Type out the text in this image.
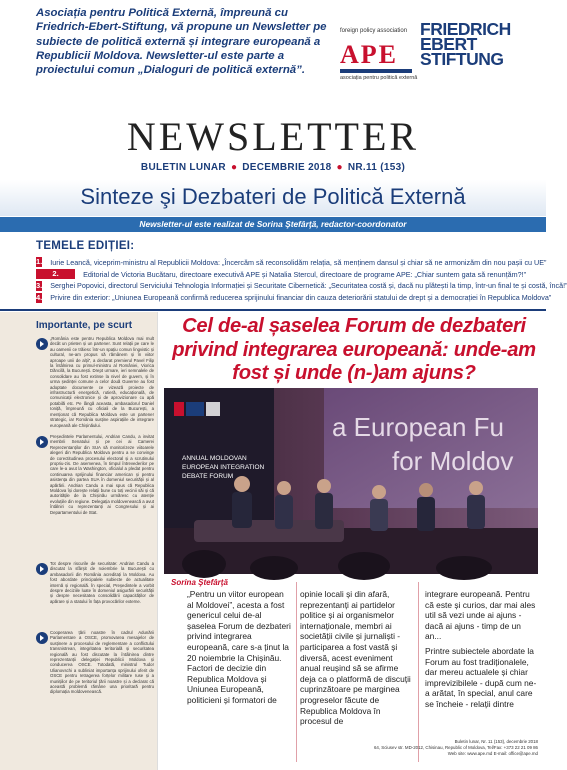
Asociația pentru Politică Externă, împreună cu Friedrich-Ebert-Stiftung, vă propune un Newsletter pe subiecte de politică externă și integrare europeană a Republicii Moldova. Newsletter-ul este parte a proiectului comun „Dialoguri de politică externă”.
foreign policy association
APE
asociația pentru politică externă
FRIEDRICH
EBERT
STIFTUNG
NEWSLETTER
BULETIN LUNAR ● DECEMBRIE 2018 ● NR.11 (153)
Sinteze şi Dezbateri de Politică Externă
Newsletter-ul este realizat de Sorina Ştefârţă, redactor-coordonator
TEMELE EDIȚIEI:
1.	Iurie Leancă, viceprim-ministru al Republicii Moldova: „Încercăm să reconsolidăm relația, să menținem dansul și chiar să ne armonizăm din nou pașii cu UE”
2.	Editorial de Victoria Bucătaru, directoare executivă APE și Natalia Stercul, directoare de programe APE: „Chiar suntem gata să renunțăm?!”
3.	Serghei Popovici, directorul Serviciului Tehnologia Informației și Securitate Cibernetică: „Securitatea costă și, dacă nu plătești la timp, într-un final te și costă, încă!”
4.	Privire din exterior: „Uniunea Europeană confirmă reducerea sprijinului financiar din cauza deteriorării statului de drept și a democrației în Republica Moldova”
Importante, pe scurt
„România este pentru Republica Moldova mai mult decât un prieten și un partener. Sunt relații pe care le au oamenii ce trăiesc într-un spațiu comun lingvistic și cultural, ne-am propus să rămânem și în viitor aproape unii de alții”, a declarat premierul Pavel Filip la întâlnirea cu primul-ministru al României, Viorica Dăncilă, la București. Drept urmare, ieri semnalele de consolidare au fost extinse la nivel de guvern, și în urma ședinței comune a celor două Guverne au fost adoptate documente ce vizează proiecte de infrastructură energetică, rutieră, educațională, de comunicații electronice și de aprovizionare cu apă potabilă etc. Pe lângă aceasta, ambasadorul Daniel Ioniță, împreună cu oficiali de la București, a menționat că Republica Moldova este un partener strategic, iar România susține aspirațiile de integrare europeană ale Chișinăului.
Președintele Parlamentului, Andrian Candu, a invitat membrii Senatului și pe cei ai Camerei Reprezentanților din SUA să monitorizeze viitoarele alegeri din Republica Moldova pentru a se convinge de corectitudinea procesului electoral și a scrutinului propriu-zis. De asemenea, în timpul întrevederilor pe care le-a avut la Washington, oficialul a pledat pentru continuarea sprijinului financiar american și pentru asistența din partea SUA în domeniul securității și al apărării. Andrian Candu a mai spus că Republica Moldova își dorește relații bune cu toți vecinii săi și că autoritățile de la Chișinău urmăresc cu atenție evoluțiile din regiune. Delegația moldovenească a avut întâlniri cu reprezentanți ai Congresului și ai Departamentului de Stat.
Tot despre riscurile de securitate: Andrian Candu a discutat la sfârșit de noiembrie la București cu ambasadorii din România acreditați la Moldova. Au fost abordate principalele subiecte de actualitate internă și regională. În special, Președintele a vorbit despre deciziile luate în domeniul asigurării securității și despre necesitatea consolidării capacităților de apărare și a statului în fața provocărilor externe.
Cooperarea țării noastre în cadrul Adunării Parlamentare a OSCE, promovarea mesajelor de susținere a procesului de reglementare a conflictului transnistrean, integritatea teritorială și securitatea regională au fost discutate la întâlnirea dintre reprezentanții delegației Republicii Moldova și conducerea OSCE. Totodată, ministrul Tudor Ulianovschi a subliniat importanța sprijinului oferit de OSCE pentru retragerea forțelor militare ruse și a munițiilor de pe teritoriul țării noastre și a declarat că această problemă rămâne una prioritară pentru diplomația moldovenească.
Cel de-al șaselea Forum de dezbateri privind integrarea europeană: unde-am fost și unde (n-)am ajuns?
ANNUAL MOLDOVAN
EUROPEAN INTEGRATION
DEBATE FORUM
a European Fu
for Moldov
Sorina Ştefârţă

„Pentru un viitor european al Moldovei”, acesta a fost genericul celui de-al șaselea Forum de dezbateri privind integrarea europeană, care s-a ținut la 20 noiembrie la Chișinău. Factori de decizie din Republica Moldova și Uniunea Europeană, politicieni și formatori de

opinie locali și din afară, reprezentanți ai partidelor politice și ai organismelor internaționale, membri ai societății civile și jurnaliști - participarea a fost vastă și diversă, acest eveniment anual reușind să se afirme deja ca o platformă de discuții cuprinzătoare pe marginea progreselor făcute de Republica Moldova în procesul de

integrare europeană. Pentru că este și curios, dar mai ales util să vezi unde ai ajuns - dacă ai ajuns - timp de un an...

Printre subiectele abordate la Forum au fost tradiționalele, dar mereu actualele și chiar imprevizibilele - după cum ne-a arătat, în special, anul care se încheie - relații dintre

Buletin lunar, Nr. 11 (153), decembrie 2018
64, Sciusev str. MD-2012, Chisinau, Republic of Moldova, Tel/Fax: +373 22 21 09 86
Web site: www.ape.md E-mail: office@ape.md
